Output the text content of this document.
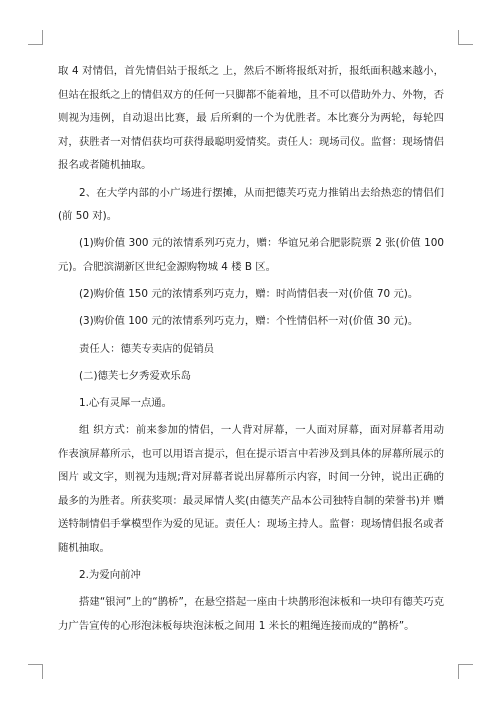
取 4 对情侣，首先情侣站于报纸之 上，然后不断将报纸对折，报纸面积越来越小，但站在报纸之上的情侣双方的任何一只脚都不能着地，且不可以借助外力、外物，否则视为违例，自动退出比赛，最 后所剩的一个为优胜者。本比赛分为两轮，每轮四对，获胜者一对情侣获均可获得最聪明爱情奖。责任人：现场司仪。监督：现场情侣报名或者随机抽取。

2、在大学内部的小广场进行摆摊，从而把德芙巧克力推销出去给热恋的情侣们(前 50 对)。

(1)购价值 300 元的浓情系列巧克力，赠：华谊兄弟合肥影院票 2 张(价值 100 元)。合肥滨湖新区世纪金源购物城 4 楼 B 区。

(2)购价值 150 元的浓情系列巧克力，赠：时尚情侣表一对(价值 70 元)。

(3)购价值 100 元的浓情系列巧克力，赠：个性情侣杯一对(价值 30 元)。

责任人：德芙专卖店的促销员

(二)德芙七夕秀爱欢乐岛

1.心有灵犀一点通。

组 织方式：前来参加的情侣，一人背对屏幕，一人面对屏幕，面对屏幕者用动作表演屏幕所示，也可以用语言提示，但在提示语言中若涉及到具体的屏幕所展示的图片 或文字，则视为违规;背对屏幕者说出屏幕所示内容，时间一分钟，说出正确的最多的为胜者。所获奖项：最灵犀情人奖(由德芙产品本公司独特自制的荣誉书)并 赠送特制情侣手掌模型作为爱的见证。责任人：现场主持人。监督：现场情侣报名或者随机抽取。

2.为爱向前冲

搭建“银河”上的“鹊桥”，在悬空搭起一座由十块鹊形泡沫板和一块印有德芙巧克力广告宣传的心形泡沫板每块泡沫板之间用 1 米长的粗绳连接而成的“鹊桥”。
